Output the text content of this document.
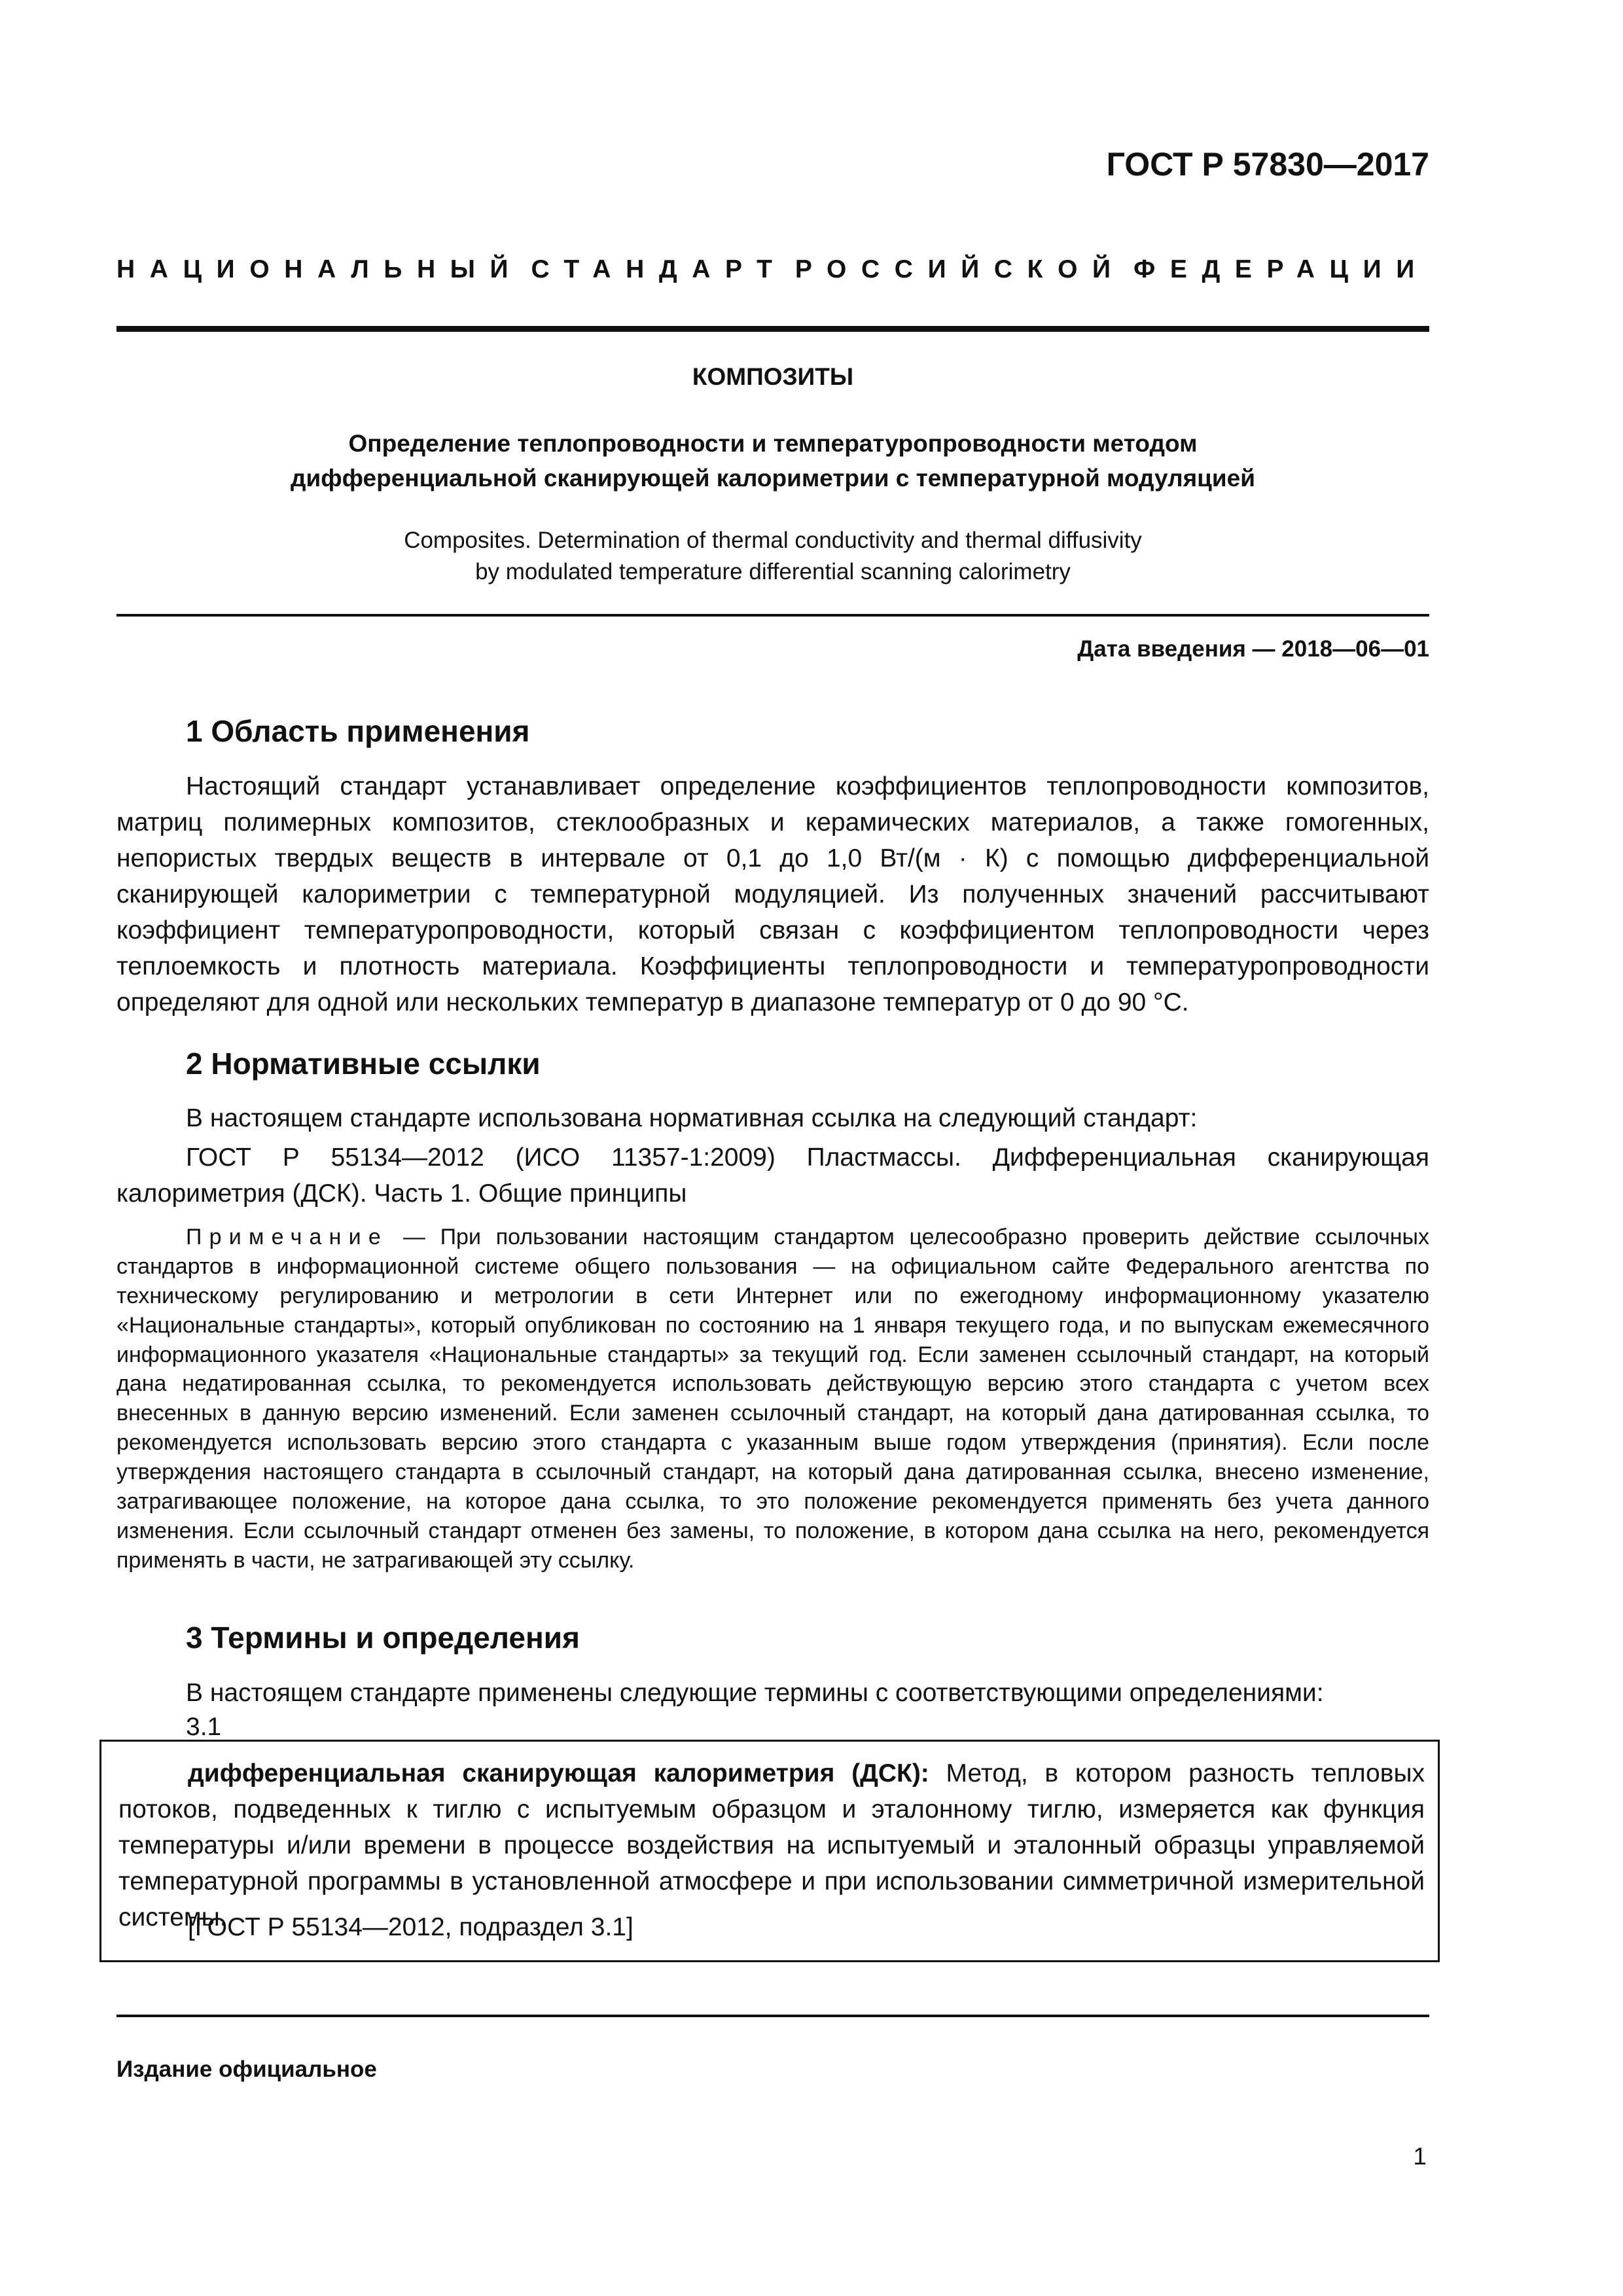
ГОСТ Р 57830—2017
НАЦИОНАЛЬНЫЙ СТАНДАРТ РОССИЙСКОЙ ФЕДЕРАЦИИ
КОМПОЗИТЫ
Определение теплопроводности и температуропроводности методом
дифференциальной сканирующей калориметрии с температурной модуляцией
Composites. Determination of thermal conductivity and thermal diffusivity
by modulated temperature differential scanning calorimetry
Дата введения — 2018—06—01
1 Область применения
Настоящий стандарт устанавливает определение коэффициентов теплопроводности композитов, матриц полимерных композитов, стеклообразных и керамических материалов, а также гомогенных, непористых твердых веществ в интервале от 0,1 до 1,0 Вт/(м · К) с помощью дифференциальной сканирующей калориметрии с температурной модуляцией. Из полученных значений рассчитывают коэффициент температуропроводности, который связан с коэффициентом теплопроводности через теплоемкость и плотность материала. Коэффициенты теплопроводности и температуропроводности определяют для одной или нескольких температур в диапазоне температур от 0 до 90 °С.
2 Нормативные ссылки
В настоящем стандарте использована нормативная ссылка на следующий стандарт:
ГОСТ Р 55134—2012 (ИСО 11357-1:2009) Пластмассы. Дифференциальная сканирующая калориметрия (ДСК). Часть 1. Общие принципы
Примечание — При пользовании настоящим стандартом целесообразно проверить действие ссылочных стандартов в информационной системе общего пользования — на официальном сайте Федерального агентства по техническому регулированию и метрологии в сети Интернет или по ежегодному информационному указателю «Национальные стандарты», который опубликован по состоянию на 1 января текущего года, и по выпускам ежемесячного информационного указателя «Национальные стандарты» за текущий год. Если заменен ссылочный стандарт, на который дана недатированная ссылка, то рекомендуется использовать действующую версию этого стандарта с учетом всех внесенных в данную версию изменений. Если заменен ссылочный стандарт, на который дана датированная ссылка, то рекомендуется использовать версию этого стандарта с указанным выше годом утверждения (принятия). Если после утверждения настоящего стандарта в ссылочный стандарт, на который дана датированная ссылка, внесено изменение, затрагивающее положение, на которое дана ссылка, то это положение рекомендуется применять без учета данного изменения. Если ссылочный стандарт отменен без замены, то положение, в котором дана ссылка на него, рекомендуется применять в части, не затрагивающей эту ссылку.
3 Термины и определения
В настоящем стандарте применены следующие термины с соответствующими определениями:
3.1
дифференциальная сканирующая калориметрия (ДСК): Метод, в котором разность тепловых потоков, подведенных к тиглю с испытуемым образцом и эталонному тиглю, измеряется как функция температуры и/или времени в процессе воздействия на испытуемый и эталонный образцы управляемой температурной программы в установленной атмосфере и при использовании симметричной измерительной системы.
[ГОСТ Р 55134—2012, подраздел 3.1]
Издание официальное
1
